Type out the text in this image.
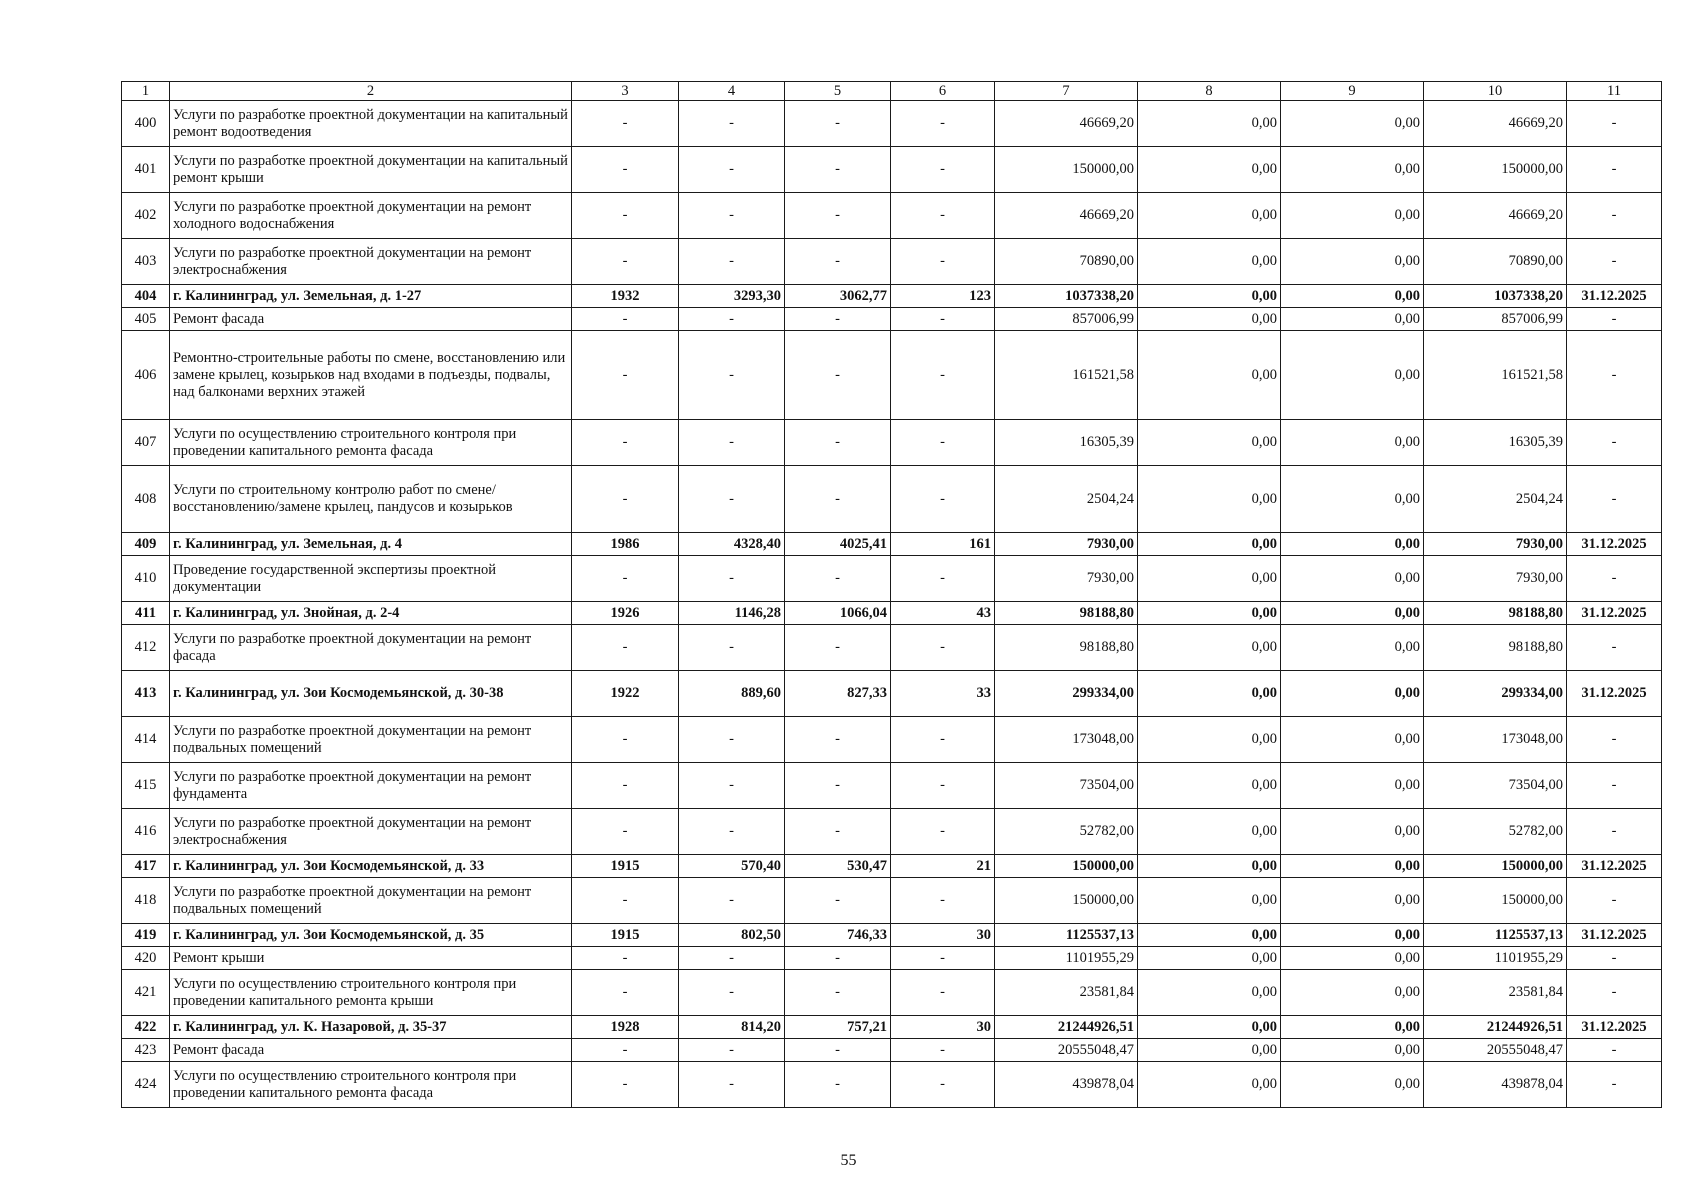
1	2	3	4	5	6	7	8	9	10	11
400	Услуги по разработке проектной документации на капитальный ремонт водоотведения	-	-	-	-	46669,20	0,00	0,00	46669,20	-
401	Услуги по разработке проектной документации на капитальный ремонт крыши	-	-	-	-	150000,00	0,00	0,00	150000,00	-
402	Услуги по разработке проектной документации на ремонт холодного водоснабжения	-	-	-	-	46669,20	0,00	0,00	46669,20	-
403	Услуги по разработке проектной документации на ремонт электроснабжения	-	-	-	-	70890,00	0,00	0,00	70890,00	-
404	г. Калининград, ул. Земельная, д. 1-27	1932	3293,30	3062,77	123	1037338,20	0,00	0,00	1037338,20	31.12.2025
405	Ремонт фасада	-	-	-	-	857006,99	0,00	0,00	857006,99	-
406	Ремонтно-строительные работы по смене, восстановлению или замене крылец, козырьков над входами в подъезды, подвалы, над балконами верхних этажей	-	-	-	-	161521,58	0,00	0,00	161521,58	-
407	Услуги по осуществлению строительного контроля при проведении капитального ремонта фасада	-	-	-	-	16305,39	0,00	0,00	16305,39	-
408	Услуги по строительному контролю работ по смене/восстановлению/замене крылец, пандусов и козырьков	-	-	-	-	2504,24	0,00	0,00	2504,24	-
409	г. Калининград, ул. Земельная, д. 4	1986	4328,40	4025,41	161	7930,00	0,00	0,00	7930,00	31.12.2025
410	Проведение государственной экспертизы проектной документации	-	-	-	-	7930,00	0,00	0,00	7930,00	-
411	г. Калининград, ул. Знойная, д. 2-4	1926	1146,28	1066,04	43	98188,80	0,00	0,00	98188,80	31.12.2025
412	Услуги по разработке проектной документации на ремонт фасада	-	-	-	-	98188,80	0,00	0,00	98188,80	-
413	г. Калининград, ул. Зои Космодемьянской, д. 30-38	1922	889,60	827,33	33	299334,00	0,00	0,00	299334,00	31.12.2025
414	Услуги по разработке проектной документации на ремонт подвальных помещений	-	-	-	-	173048,00	0,00	0,00	173048,00	-
415	Услуги по разработке проектной документации на ремонт фундамента	-	-	-	-	73504,00	0,00	0,00	73504,00	-
416	Услуги по разработке проектной документации на ремонт электроснабжения	-	-	-	-	52782,00	0,00	0,00	52782,00	-
417	г. Калининград, ул. Зои Космодемьянской, д. 33	1915	570,40	530,47	21	150000,00	0,00	0,00	150000,00	31.12.2025
418	Услуги по разработке проектной документации на ремонт подвальных помещений	-	-	-	-	150000,00	0,00	0,00	150000,00	-
419	г. Калининград, ул. Зои Космодемьянской, д. 35	1915	802,50	746,33	30	1125537,13	0,00	0,00	1125537,13	31.12.2025
420	Ремонт крыши	-	-	-	-	1101955,29	0,00	0,00	1101955,29	-
421	Услуги по осуществлению строительного контроля при проведении капитального ремонта крыши	-	-	-	-	23581,84	0,00	0,00	23581,84	-
422	г. Калининград, ул. К. Назаровой, д. 35-37	1928	814,20	757,21	30	21244926,51	0,00	0,00	21244926,51	31.12.2025
423	Ремонт фасада	-	-	-	-	20555048,47	0,00	0,00	20555048,47	-
424	Услуги по осуществлению строительного контроля при проведении капитального ремонта фасада	-	-	-	-	439878,04	0,00	0,00	439878,04	-
55
